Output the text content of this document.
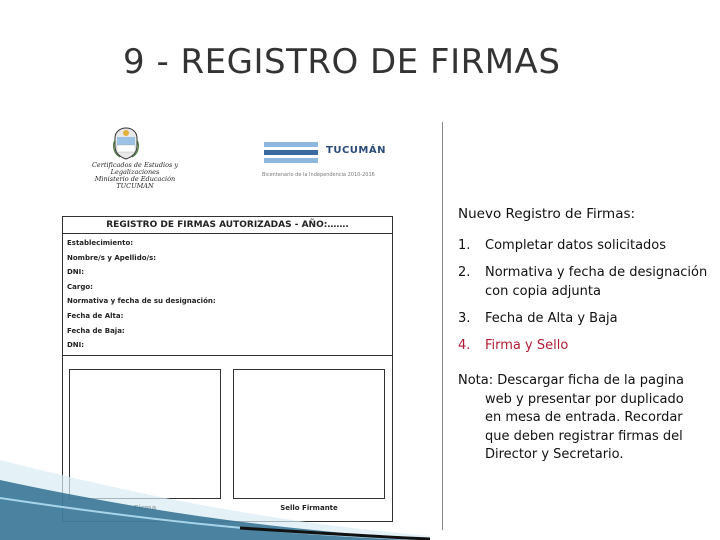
9 - REGISTRO DE FIRMAS
Certificados de Estudios y
Legalizaciones
Ministerio de Educación
TUCUMAN
TUCUMÁN
Bicentenario de la Independencia 2010-2016
REGISTRO DE FIRMAS AUTORIZADAS - AÑO:…….
Establecimiento:
Nombre/s y Apellido/s:
DNI:
Cargo:
Normativa y fecha de su designación:
Fecha de Alta:
Fecha de Baja:
DNI:
Sello Firmante
Nuevo Registro de Firmas:
1.	Completar datos solicitados
2.	Normativa y fecha de designación con copia adjunta
3.	Fecha de Alta y Baja
4.	Firma y Sello
Nota: Descargar ficha de la pagina web y presentar por duplicado en mesa de entrada. Recordar que deben registrar firmas del Director y Secretario.
